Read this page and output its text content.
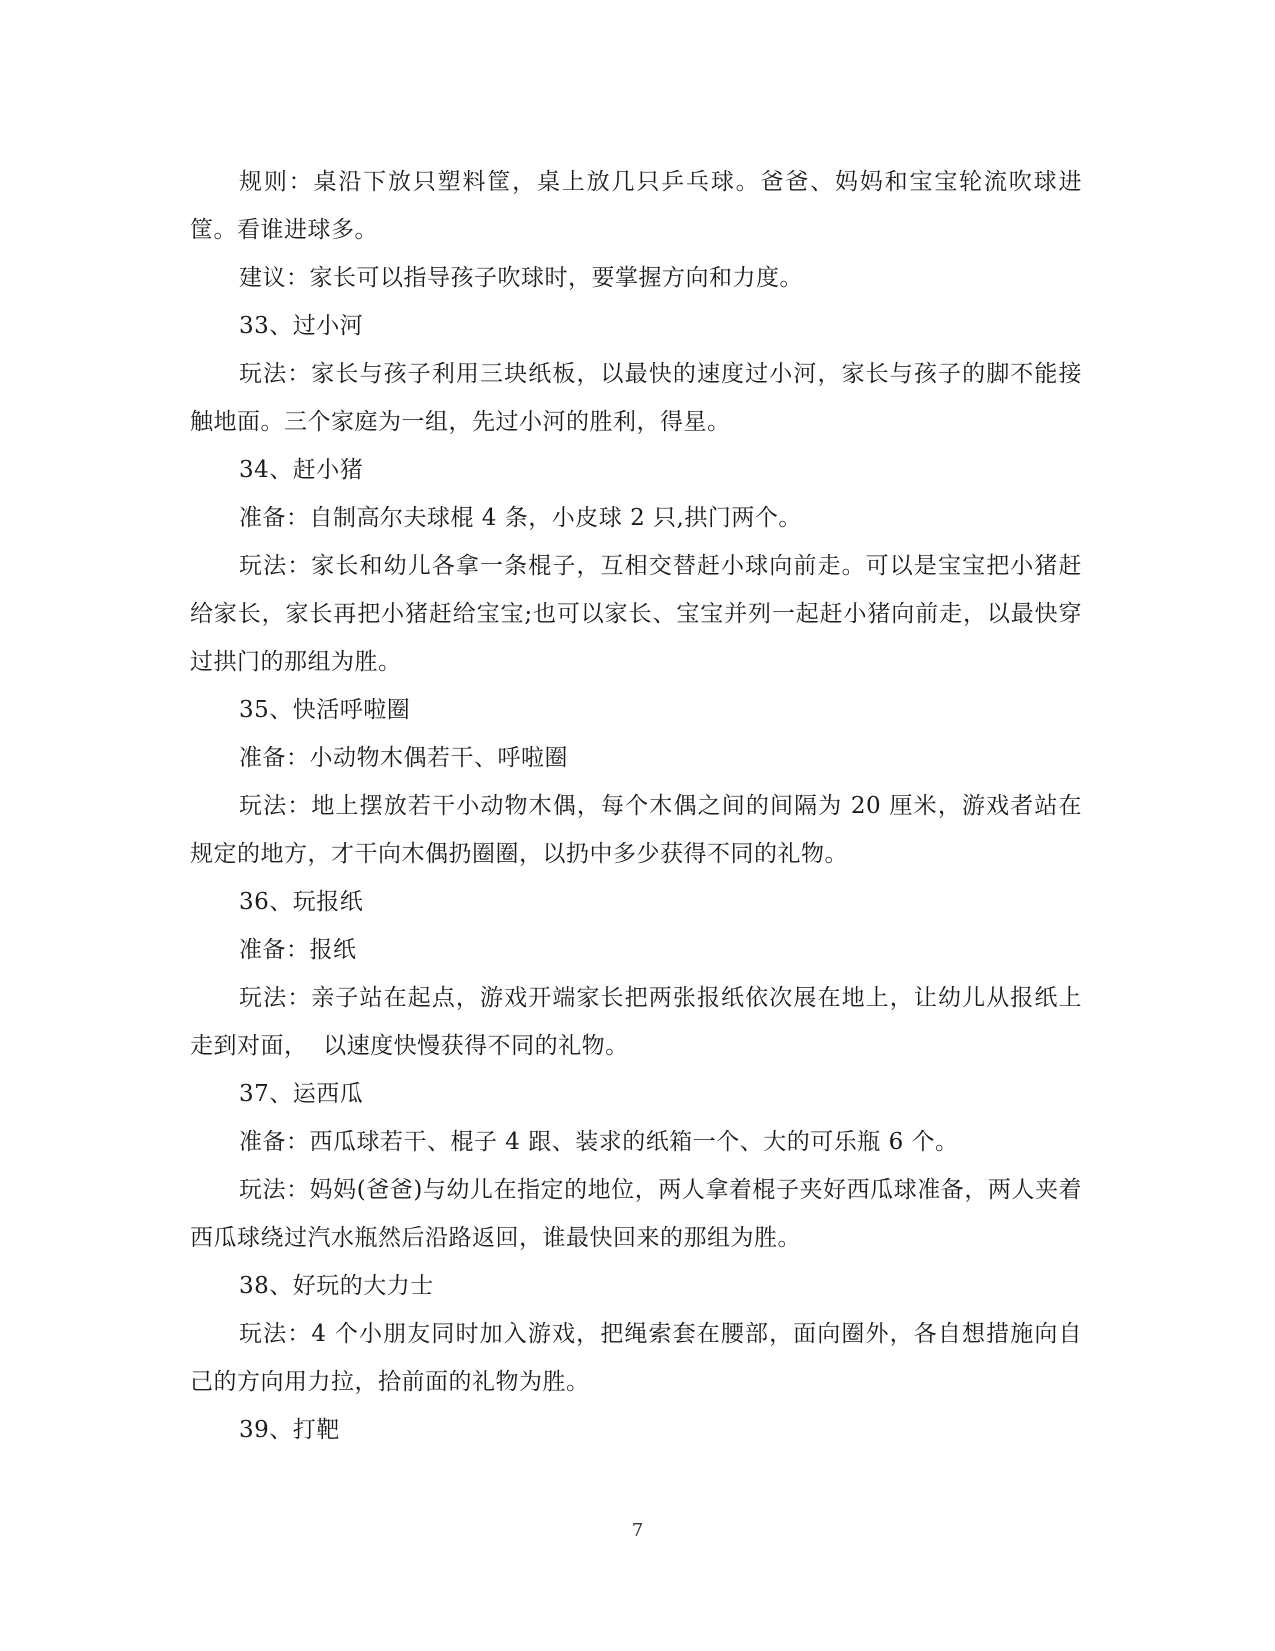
规则：桌沿下放只塑料筐，桌上放几只乒乓球。爸爸、妈妈和宝宝轮流吹球进筐。看谁进球多。

建议：家长可以指导孩子吹球时，要掌握方向和力度。

33、过小河

玩法：家长与孩子利用三块纸板，以最快的速度过小河，家长与孩子的脚不能接触地面。三个家庭为一组，先过小河的胜利，得星。

34、赶小猪

准备：自制高尔夫球棍 4 条，小皮球 2 只,拱门两个。

玩法：家长和幼儿各拿一条棍子，互相交替赶小球向前走。可以是宝宝把小猪赶给家长，家长再把小猪赶给宝宝;也可以家长、宝宝并列一起赶小猪向前走，以最快穿过拱门的那组为胜。

35、快活呼啦圈

准备：小动物木偶若干、呼啦圈

玩法：地上摆放若干小动物木偶，每个木偶之间的间隔为 20 厘米，游戏者站在规定的地方，才干向木偶扔圈圈，以扔中多少获得不同的礼物。

36、玩报纸

准备：报纸

玩法：亲子站在起点，游戏开端家长把两张报纸依次展在地上，让幼儿从报纸上走到对面，  以速度快慢获得不同的礼物。

37、运西瓜

准备：西瓜球若干、棍子 4 跟、装求的纸箱一个、大的可乐瓶 6 个。

玩法：妈妈(爸爸)与幼儿在指定的地位，两人拿着棍子夹好西瓜球准备，两人夹着西瓜球绕过汽水瓶然后沿路返回，谁最快回来的那组为胜。

38、好玩的大力士

玩法：4 个小朋友同时加入游戏，把绳索套在腰部，面向圈外，各自想措施向自己的方向用力拉，拾前面的礼物为胜。

39、打靶

7
